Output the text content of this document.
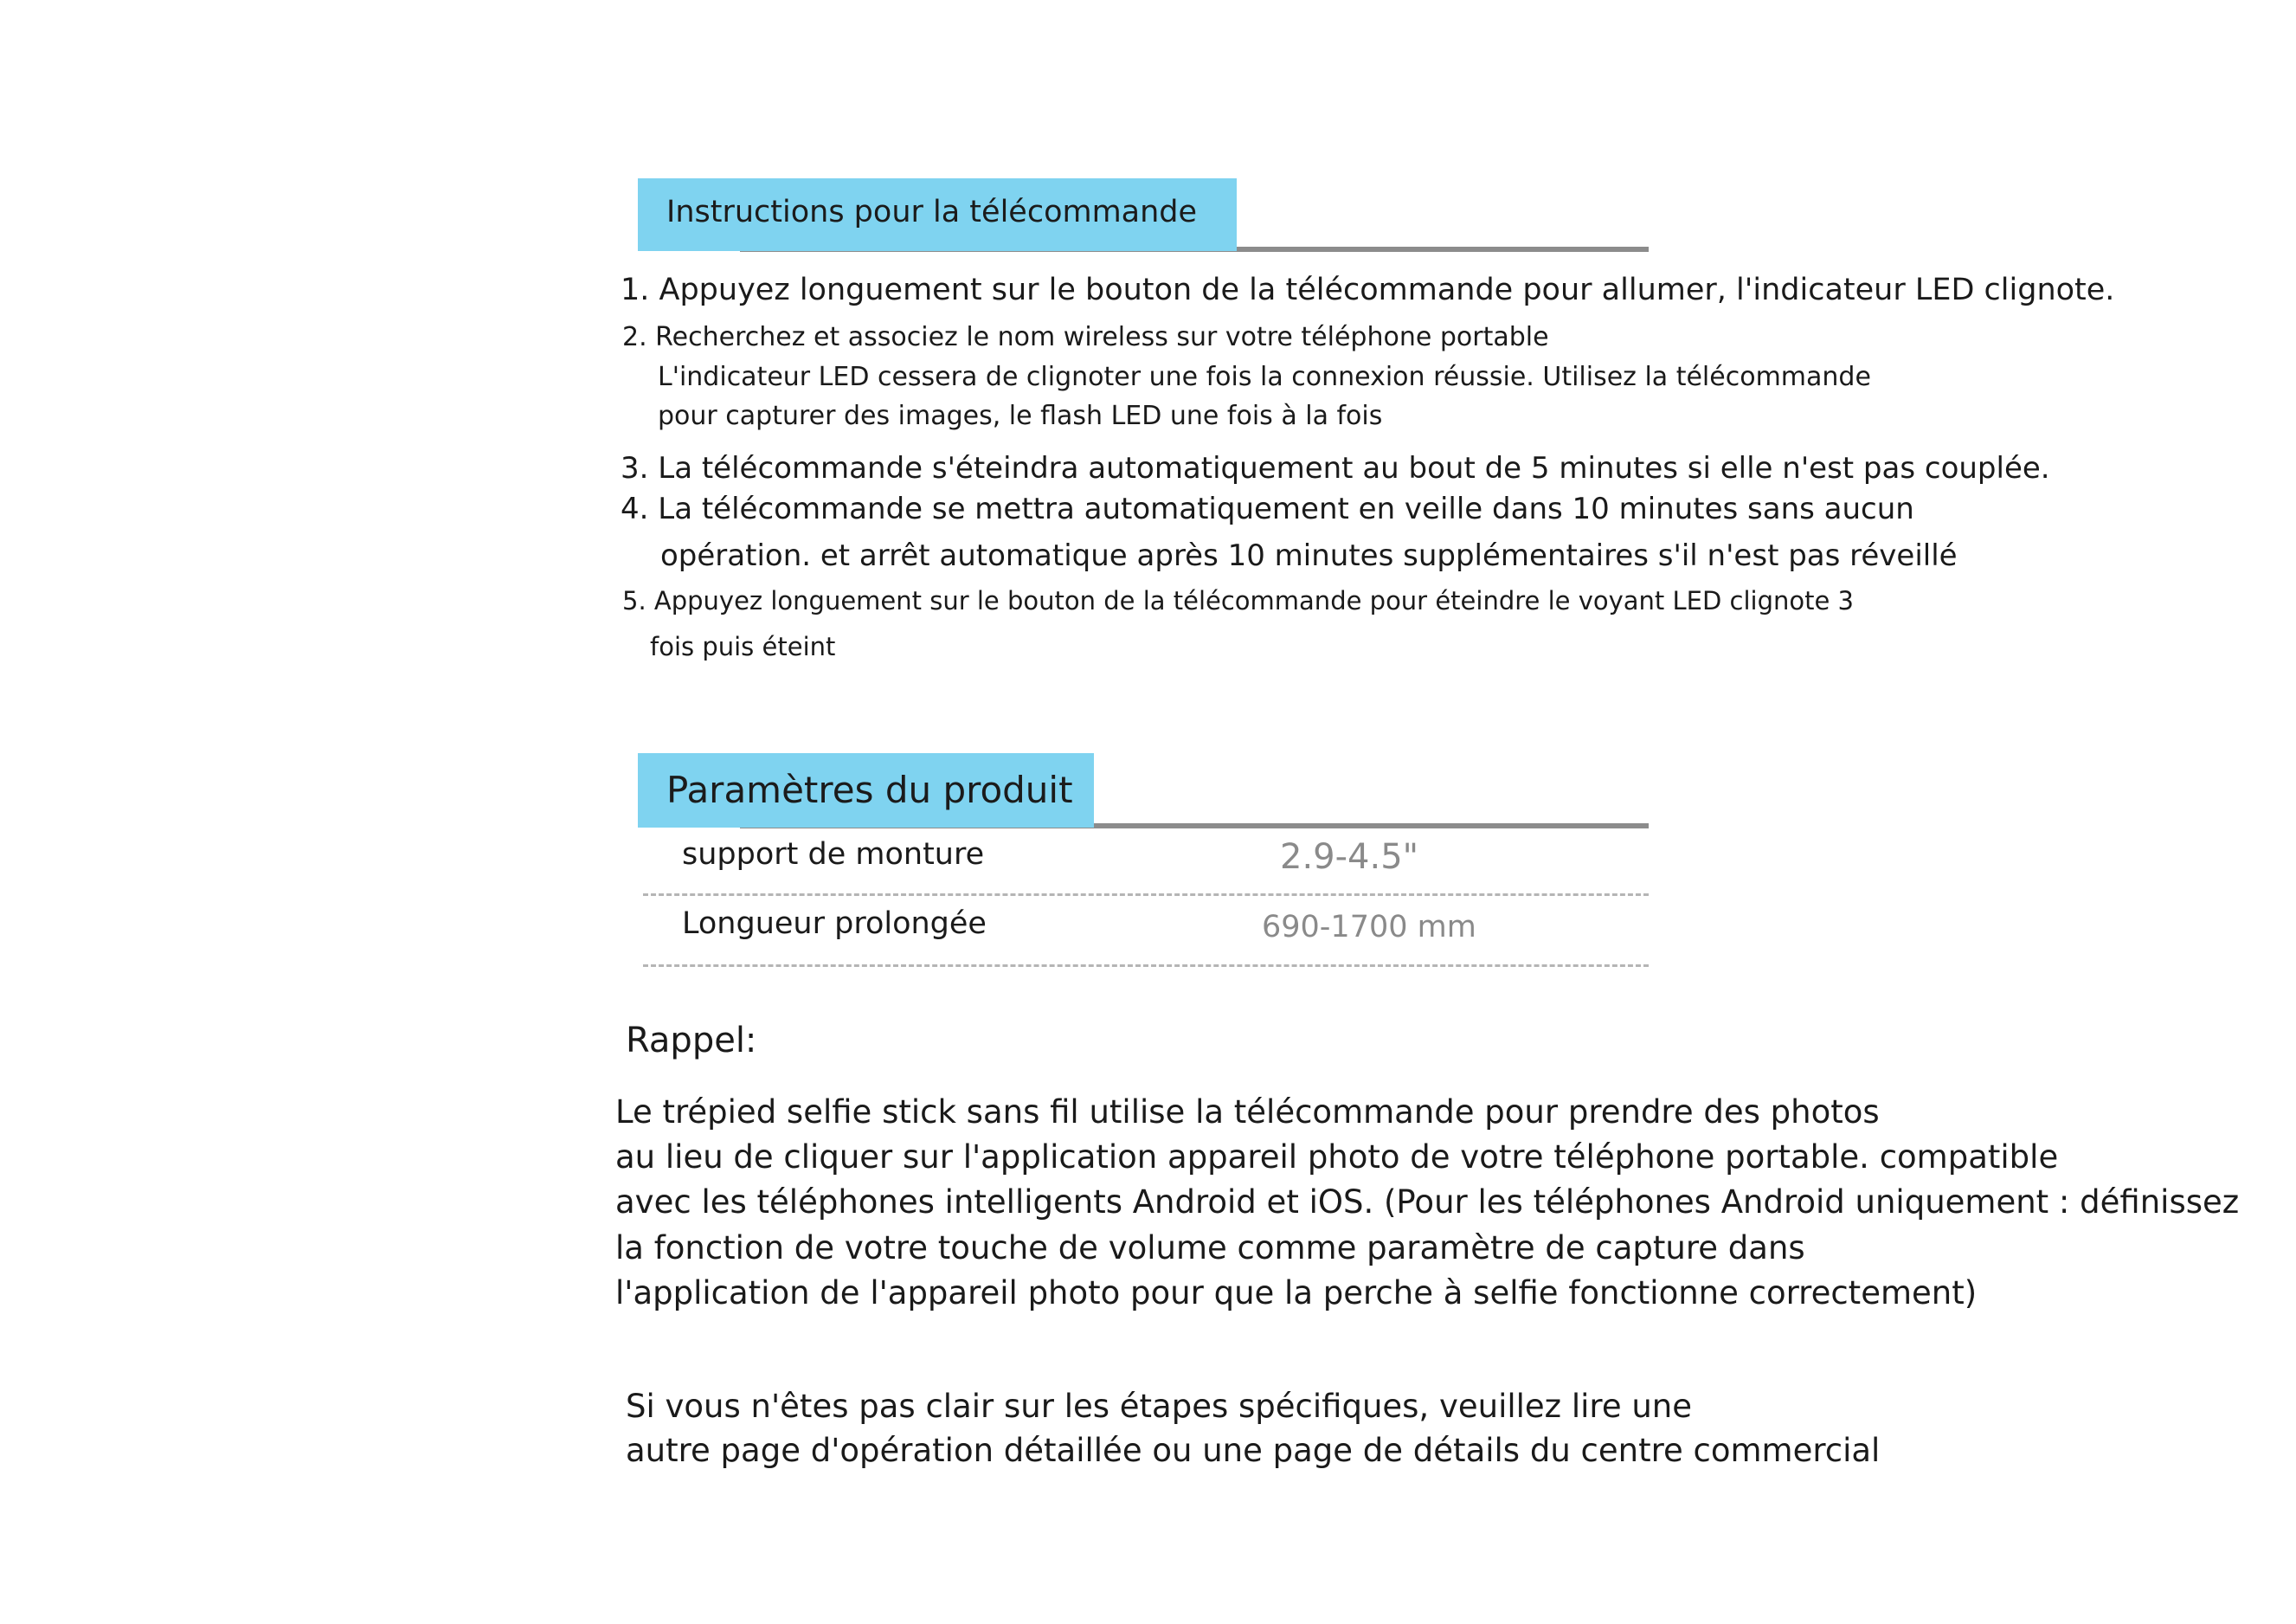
Instructions pour la télécommande
1. Appuyez longuement sur le bouton de la télécommande pour allumer, l'indicateur LED clignote.
2. Recherchez et associez le nom wireless sur votre téléphone portable
L'indicateur LED cessera de clignoter une fois la connexion réussie. Utilisez la télécommande
pour capturer des images, le flash LED une fois à la fois
3. La télécommande s'éteindra automatiquement au bout de 5 minutes si elle n'est pas couplée.
4. La télécommande se mettra automatiquement en veille dans 10 minutes sans aucun
opération. et arrêt automatique après 10 minutes supplémentaires s'il n'est pas réveillé
5. Appuyez longuement sur le bouton de la télécommande pour éteindre le voyant LED clignote 3
fois puis éteint
Paramètres du produit
support de monture	2.9-4.5"
Longueur prolongée	690-1700 mm
Rappel:
Le trépied selfie stick sans fil utilise la télécommande pour prendre des photos
au lieu de cliquer sur l'application appareil photo de votre téléphone portable. compatible
avec les téléphones intelligents Android et iOS. (Pour les téléphones Android uniquement : définissez
la fonction de votre touche de volume comme paramètre de capture dans
l'application de l'appareil photo pour que la perche à selfie fonctionne correctement)
Si vous n'êtes pas clair sur les étapes spécifiques, veuillez lire une
autre page d'opération détaillée ou une page de détails du centre commercial
